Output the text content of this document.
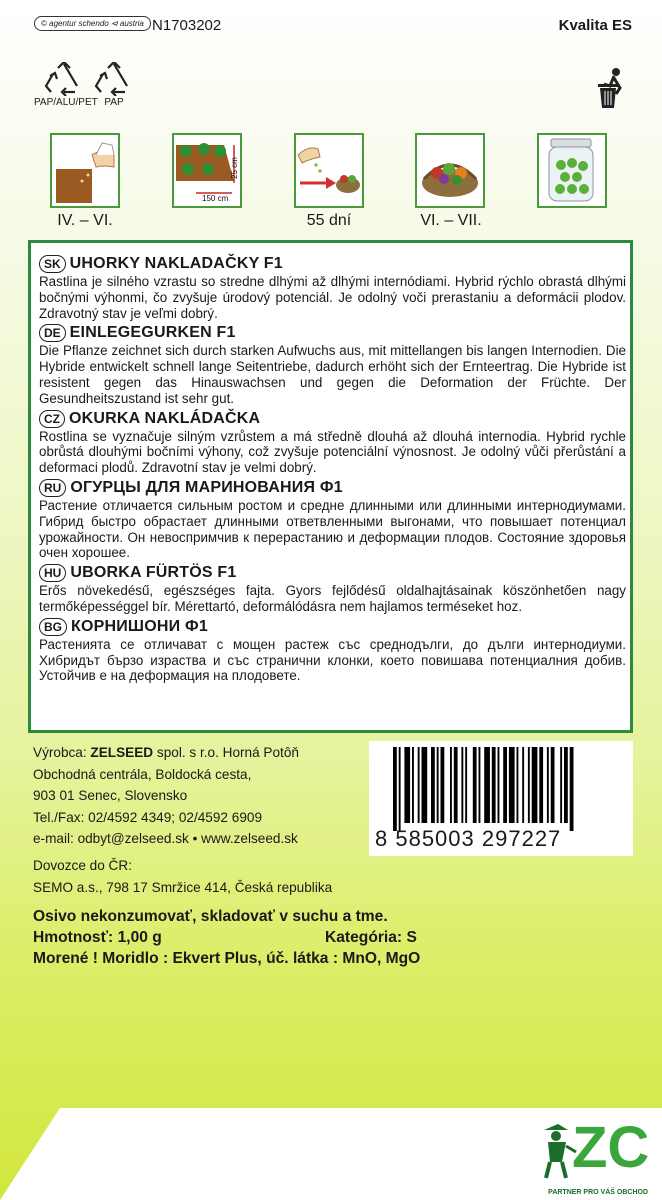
© agentur schendo ⊲ austria N1703202	Kvalita ES
PAP/ALU/PET PAP
150 cm
25 cm
IV. – VI.	55 dní	VI. – VII.
SK UHORKY NAKLADAČKY F1
Rastlina je silného vzrastu so stredne dlhými až dlhými internódiami. Hybrid rýchlo obrastá dlhými bočnými výhonmi, čo zvyšuje úrodový potenciál. Je odolný voči prerastaniu a deformácii plodov. Zdravotný stav je veľmi dobrý.
DE EINLEGEGURKEN F1
Die Pflanze zeichnet sich durch starken Aufwuchs aus, mit mittellangen bis langen Internodien. Die Hybride entwickelt schnell lange Seitentriebe, dadurch erhöht sich der Ernteertrag. Die Hybride ist resistent gegen das Hinauswachsen und gegen die Deformation der Früchte. Der Gesundheitszustand ist sehr gut.
CZ OKURKA NAKLÁDAČKA
Rostlina se vyznačuje silným vzrůstem a má středně dlouhá až dlouhá internodia. Hybrid rychle obrůstá dlouhými bočními výhony, což zvyšuje potenciální výnosnost. Je odolný vůči přerůstání a deformaci plodů. Zdravotní stav je velmi dobrý.
RU ОГУРЦЫ ДЛЯ МАРИНОВАНИЯ Ф1
Растение отличается сильным ростом и средне длинными или длинными интернодиумами. Гибрид быстро обрастает длинными ответвленными выгонами, что повышает потенциал урожайности. Он невоспримчив к перерастанию и деформации плодов. Состояние здоровья очен хорошее.
HU UBORKA FÜRTÖS F1
Erős növekedésű, egészséges fajta. Gyors fejlődésű oldalhajtásainak köszönhetően nagy termőképességgel bír. Mérettartó, deformálódásra nem hajlamos terméseket hoz.
BG КОРНИШОНИ Ф1
Растенията се отличават с мощен растеж със среднодълги, до дълги интернодиуми. Хибридът бързо израства и със странични клонки, което повишава потенциалния добив. Устойчив е на деформация на плодовете.
Výrobca: ZELSEED spol. s r.o. Horná Potôň
Obchodná centrála, Boldocká cesta,
903 01 Senec, Slovensko
Tel./Fax: 02/4592 4349; 02/4592 6909
e-mail: odbyt@zelseed.sk • www.zelseed.sk
Dovozce do ČR:
SEMO a.s., 798 17 Smržice 414, Česká republika
8 585003 297227
Osivo nekonzumovať, skladovať v suchu a tme.
Hmotnosť: 1,00 g	Kategória: S
Morené ! Moridlo : Ekvert Plus, úč. látka : MnO, MgO
ZC
PARTNER PRO VÁŠ OBCHOD
